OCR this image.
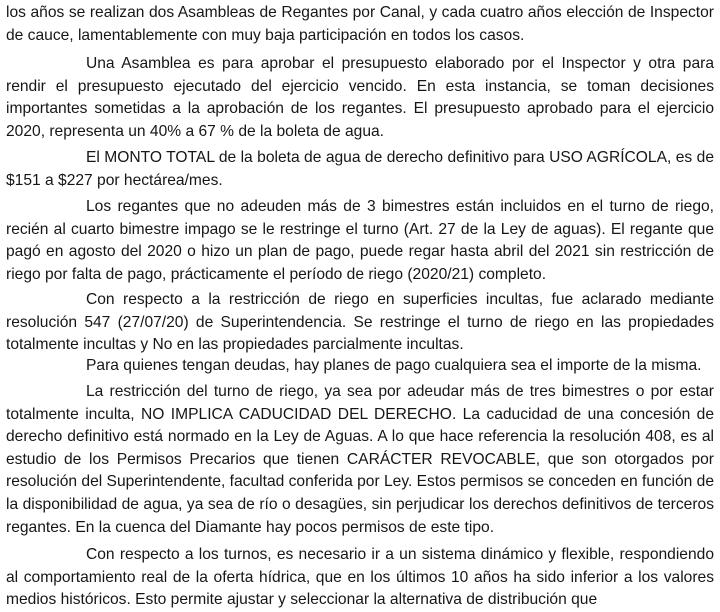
los años se realizan dos Asambleas de Regantes por Canal, y cada cuatro años elección de Inspector de cauce, lamentablemente con muy baja participación en todos los casos.

Una Asamblea es para aprobar el presupuesto elaborado por el Inspector y otra para rendir el presupuesto ejecutado del ejercicio vencido. En esta instancia, se toman decisiones importantes sometidas a la aprobación de los regantes. El presupuesto aprobado para el ejercicio 2020, representa un 40% a 67 % de la boleta de agua.

El MONTO TOTAL de la boleta de agua de derecho definitivo para USO AGRÍCOLA, es de $151 a $227 por hectárea/mes.

Los regantes que no adeuden más de 3 bimestres están incluidos en el turno de riego, recién al cuarto bimestre impago se le restringe el turno (Art. 27 de la Ley de aguas). El regante que pagó en agosto del 2020 o hizo un plan de pago, puede regar hasta abril del 2021 sin restricción de riego por falta de pago, prácticamente el período de riego (2020/21) completo.

Con respecto a la restricción de riego en superficies incultas, fue aclarado mediante resolución 547 (27/07/20) de Superintendencia. Se restringe el turno de riego en las propiedades totalmente incultas y No en las propiedades parcialmente incultas.

Para quienes tengan deudas, hay planes de pago cualquiera sea el importe de la misma.

La restricción del turno de riego, ya sea por adeudar más de tres bimestres o por estar totalmente inculta, NO IMPLICA CADUCIDAD DEL DERECHO. La caducidad de una concesión de derecho definitivo está normado en la Ley de Aguas. A lo que hace referencia la resolución 408, es al estudio de los Permisos Precarios que tienen CARÁCTER REVOCABLE, que son otorgados por resolución del Superintendente, facultad conferida por Ley. Estos permisos se conceden en función de la disponibilidad de agua, ya sea de río o desagües, sin perjudicar los derechos definitivos de terceros regantes. En la cuenca del Diamante hay pocos permisos de este tipo.

Con respecto a los turnos, es necesario ir a un sistema dinámico y flexible, respondiendo al comportamiento real de la oferta hídrica, que en los últimos 10 años ha sido inferior a los valores medios históricos. Esto permite ajustar y seleccionar la alternativa de distribución que
